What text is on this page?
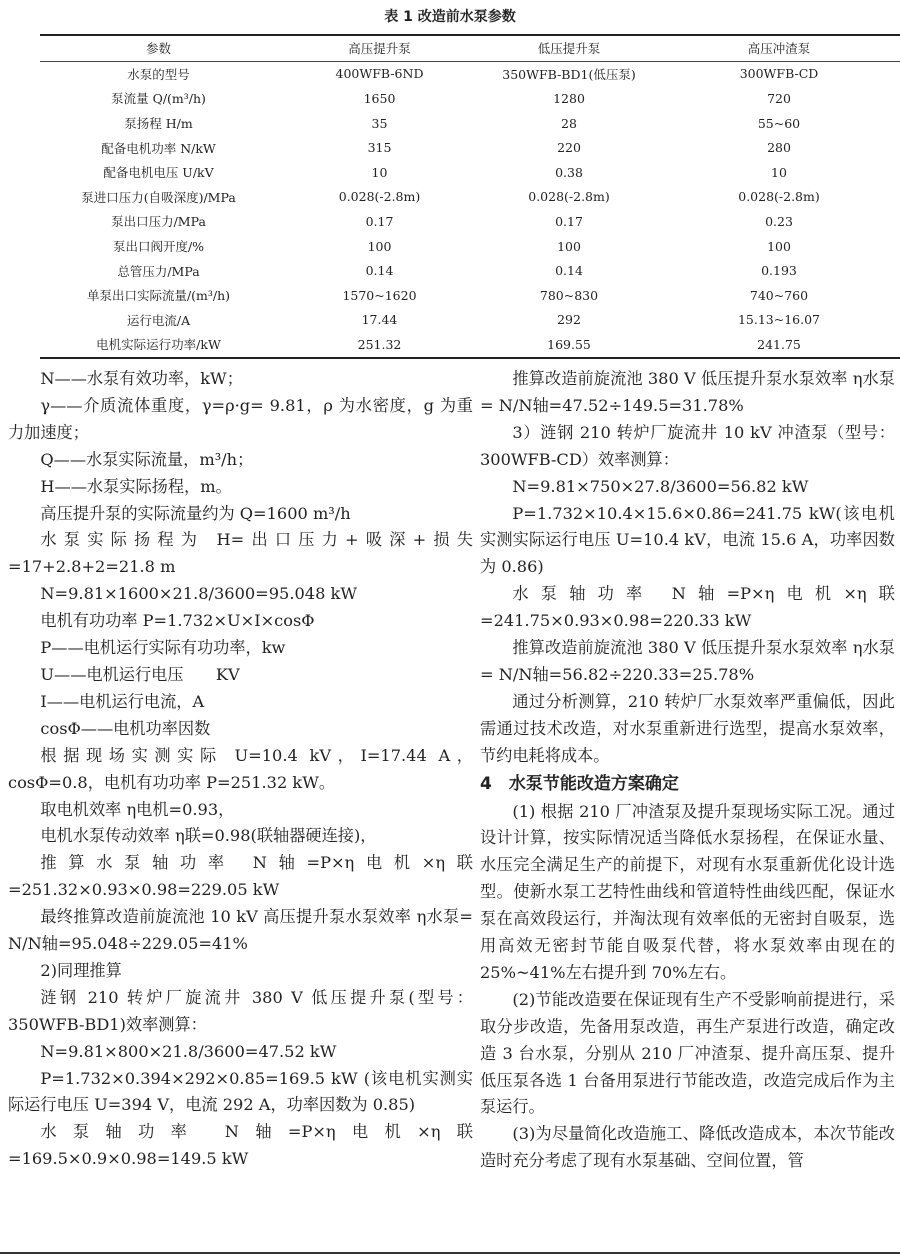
表 1 改造前水泵参数
参数	高压提升泵	低压提升泵	高压冲渣泵
水泵的型号	400WFB-6ND	350WFB-BD1(低压泵)	300WFB-CD
泵流量 Q/(m³/h)	1650	1280	720
泵扬程 H/m	35	28	55~60
配备电机功率 N/kW	315	220	280
配备电机电压 U/kV	10	0.38	10
泵进口压力(自吸深度)/MPa	0.028(-2.8m)	0.028(-2.8m)	0.028(-2.8m)
泵出口压力/MPa	0.17	0.17	0.23
泵出口阀开度/%	100	100	100
总管压力/MPa	0.14	0.14	0.193
单泵出口实际流量/(m³/h)	1570~1620	780~830	740~760
运行电流/A	17.44	292	15.13~16.07
电机实际运行功率/kW	251.32	169.55	241.75

N——水泵有效功率，kW；

γ——介质流体重度，γ=ρ·g= 9.81，ρ 为水密度，g 为重力加速度；

Q——水泵实际流量，m³/h；

H——水泵实际扬程，m。

高压提升泵的实际流量约为 Q=1600 m³/h

水泵实际扬程为 H=出口压力+吸深+损失=17+2.8+2=21.8 m

N=9.81×1600×21.8/3600=95.048 kW

电机有功功率 P=1.732×U×I×cosΦ

P——电机运行实际有功功率，kw

U——电机运行电压　　KV

I——电机运行电流，A

cosΦ——电机功率因数

根据现场实测实际 U=10.4 kV，I=17.44 A，cosΦ=0.8，电机有功功率 P=251.32 kW。

取电机效率 η电机=0.93，

电机水泵传动效率 η联=0.98(联轴器硬连接)，

推算水泵轴功率 N轴=P×η电机×η联=251.32×0.93×0.98=229.05 kW

最终推算改造前旋流池 10 kV 高压提升泵水泵效率 η水泵= N/N轴=95.048÷229.05=41%

2)同理推算

涟钢 210 转炉厂旋流井 380 V 低压提升泵(型号：350WFB-BD1)效率测算：

N=9.81×800×21.8/3600=47.52 kW

P=1.732×0.394×292×0.85=169.5 kW (该电机实测实际运行电压 U=394 V，电流 292 A，功率因数为 0.85)

水泵轴功率 N轴=P×η电机×η联=169.5×0.9×0.98=149.5 kW

推算改造前旋流池 380 V 低压提升泵水泵效率 η水泵= N/N轴=47.52÷149.5=31.78%

3）涟钢 210 转炉厂旋流井 10 kV 冲渣泵（型号：300WFB-CD）效率测算：

N=9.81×750×27.8/3600=56.82 kW

P=1.732×10.4×15.6×0.86=241.75 kW(该电机实测实际运行电压 U=10.4 kV，电流 15.6 A，功率因数为 0.86)

水泵轴功率 N轴=P×η电机×η联=241.75×0.93×0.98=220.33 kW

推算改造前旋流池 380 V 低压提升泵水泵效率 η水泵= N/N轴=56.82÷220.33=25.78%

通过分析测算，210 转炉厂水泵效率严重偏低，因此需通过技术改造，对水泵重新进行选型，提高水泵效率，节约电耗将成本。

4　水泵节能改造方案确定

(1) 根据 210 厂冲渣泵及提升泵现场实际工况。通过设计计算，按实际情况适当降低水泵扬程，在保证水量、水压完全满足生产的前提下，对现有水泵重新优化设计选型。使新水泵工艺特性曲线和管道特性曲线匹配，保证水泵在高效段运行，并淘汰现有效率低的无密封自吸泵，选用高效无密封节能自吸泵代替，将水泵效率由现在的 25%~41%左右提升到 70%左右。

(2)节能改造要在保证现有生产不受影响前提进行，采取分步改造，先备用泵改造，再生产泵进行改造，确定改造 3 台水泵，分别从 210 厂冲渣泵、提升高压泵、提升低压泵各选 1 台备用泵进行节能改造，改造完成后作为主泵运行。

(3)为尽量简化改造施工、降低改造成本，本次节能改造时充分考虑了现有水泵基础、空间位置，管
